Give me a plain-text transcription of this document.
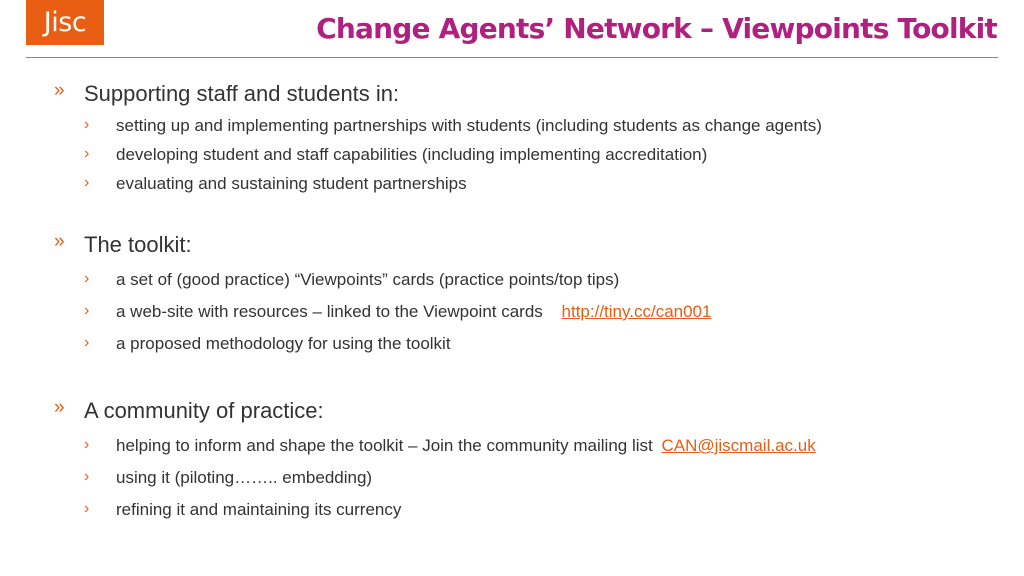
Jisc	Change Agents’ Network – Viewpoints Toolkit
» Supporting staff and students in:
› setting up and implementing partnerships with students (including students as change agents)
› developing student and staff capabilities (including implementing accreditation)
› evaluating and sustaining student partnerships
» The toolkit:
› a set of (good practice) “Viewpoints” cards (practice points/top tips)
› a web-site with resources – linked to the Viewpoint cards http://tiny.cc/can001
› a proposed methodology for using the toolkit
» A community of practice:
› helping to inform and shape the toolkit – Join the community mailing list CAN@jiscmail.ac.uk
› using it (piloting…….. embedding)
› refining it and maintaining its currency
